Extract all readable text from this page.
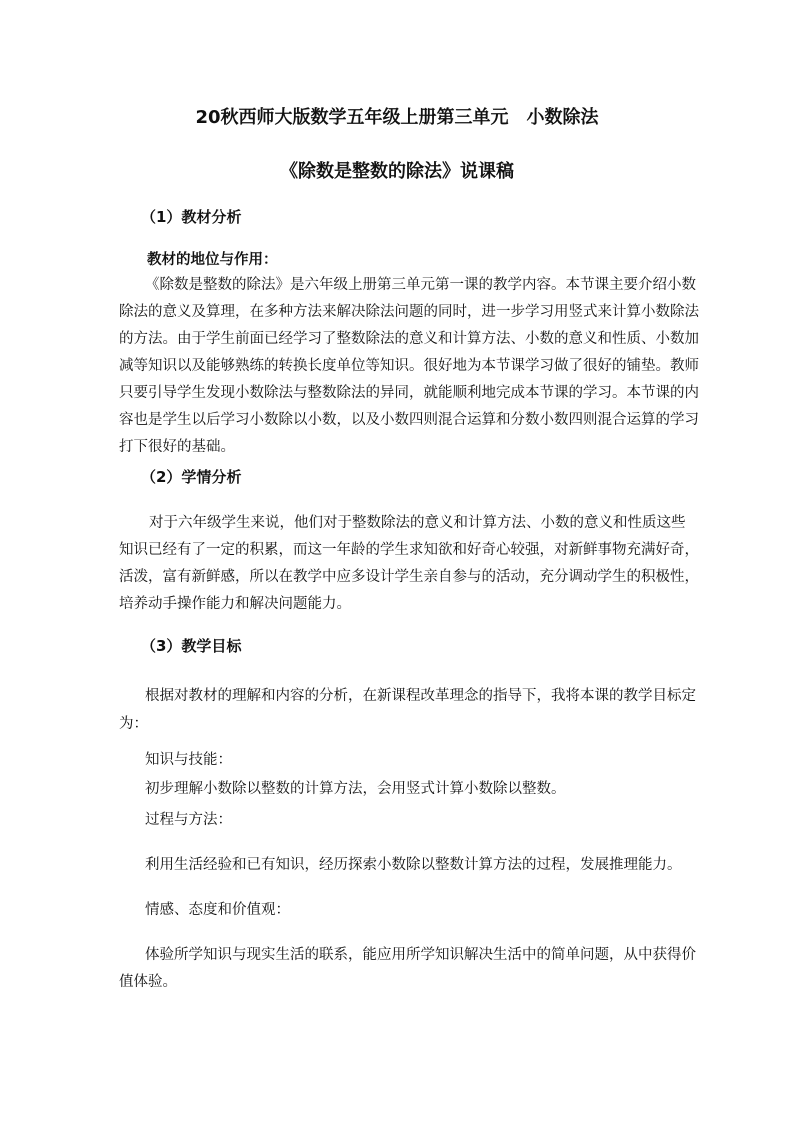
20秋西师大版数学五年级上册第三单元　小数除法
《除数是整数的除法》说课稿
（1）教材分析
教材的地位与作用：
《除数是整数的除法》是六年级上册第三单元第一课的教学内容。本节课主要介绍小数
除法的意义及算理，在多种方法来解决除法问题的同时，进一步学习用竖式来计算小数除法
的方法。由于学生前面已经学习了整数除法的意义和计算方法、小数的意义和性质、小数加
减等知识以及能够熟练的转换长度单位等知识。很好地为本节课学习做了很好的铺垫。教师
只要引导学生发现小数除法与整数除法的异同，就能顺利地完成本节课的学习。本节课的内
容也是学生以后学习小数除以小数，以及小数四则混合运算和分数小数四则混合运算的学习
打下很好的基础。
（2）学情分析
对于六年级学生来说，他们对于整数除法的意义和计算方法、小数的意义和性质这些
知识已经有了一定的积累，而这一年龄的学生求知欲和好奇心较强，对新鲜事物充满好奇，
活泼，富有新鲜感，所以在教学中应多设计学生亲自参与的活动，充分调动学生的积极性，
培养动手操作能力和解决问题能力。
（3）教学目标
根据对教材的理解和内容的分析，在新课程改革理念的指导下，我将本课的教学目标定
为：
知识与技能：
初步理解小数除以整数的计算方法，会用竖式计算小数除以整数。
过程与方法：
利用生活经验和已有知识，经历探索小数除以整数计算方法的过程，发展推理能力。
情感、态度和价值观：
体验所学知识与现实生活的联系，能应用所学知识解决生活中的简单问题，从中获得价
值体验。
